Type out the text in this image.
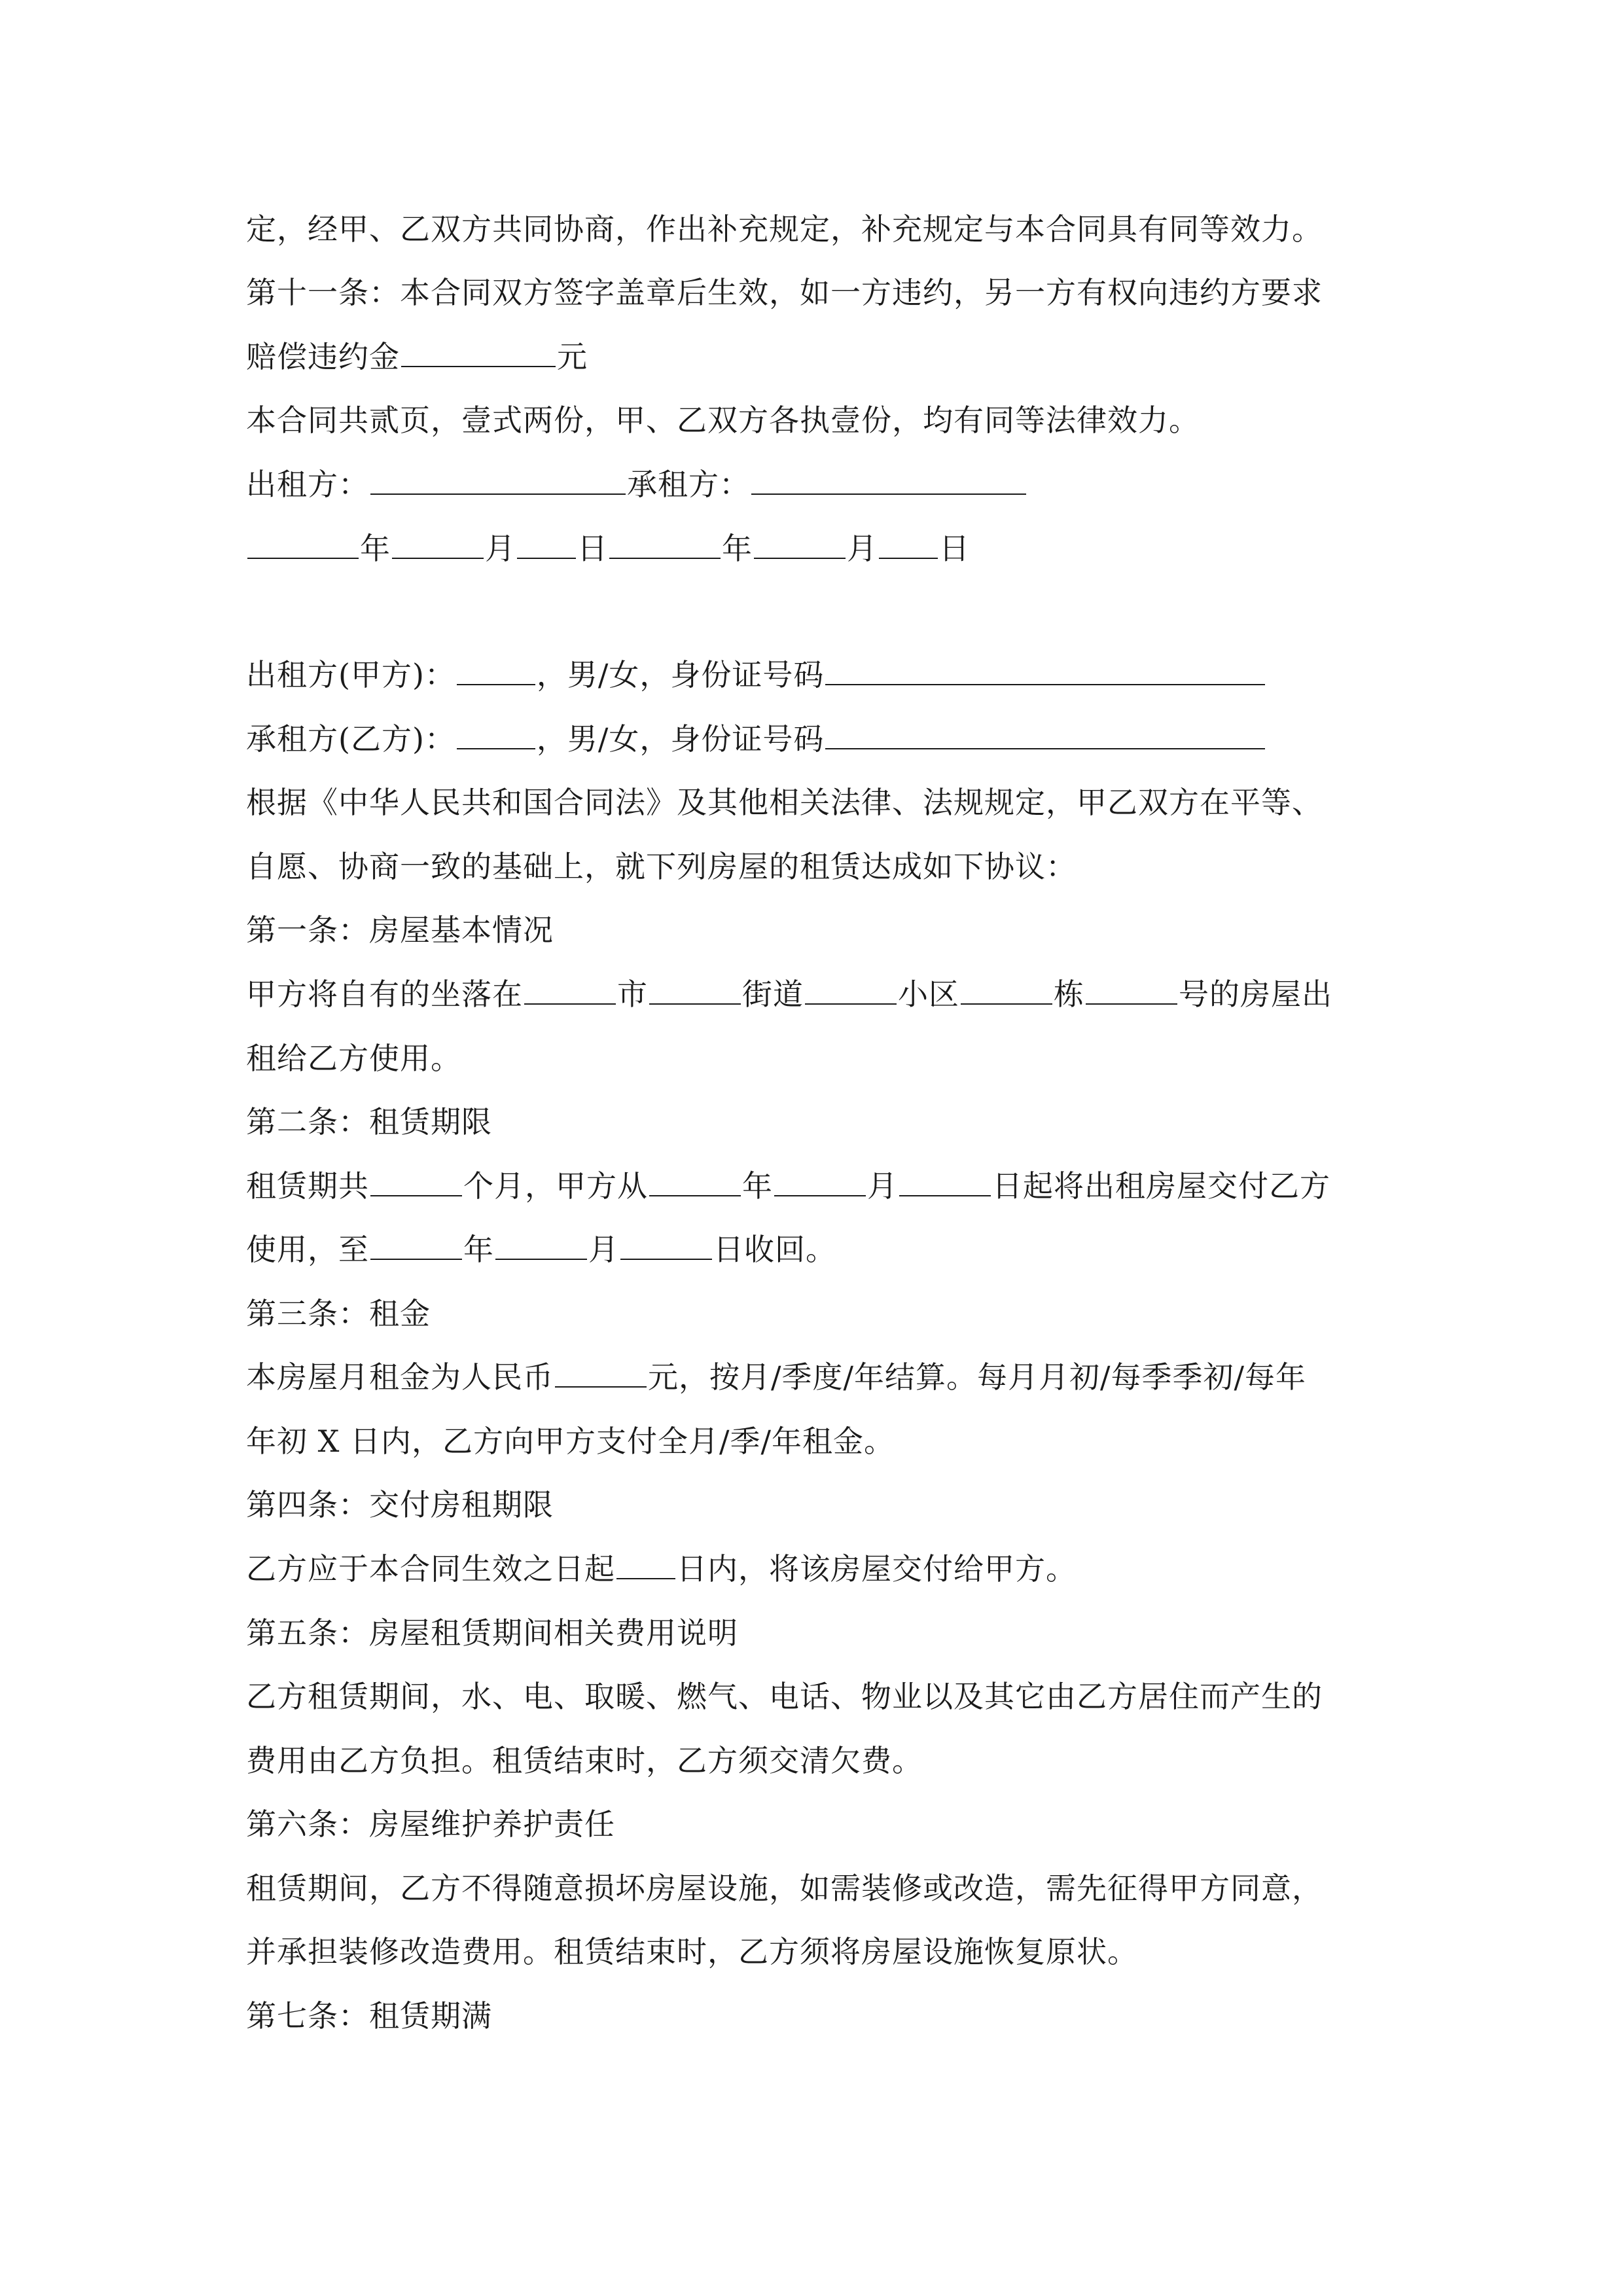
定，经甲、乙双方共同协商，作出补充规定，补充规定与本合同具有同等效力。
第十一条：本合同双方签字盖章后生效，如一方违约，另一方有权向违约方要求
赔偿违约金	元
本合同共贰页，壹式两份，甲、乙双方各执壹份，均有同等法律效力。
出租方：	承租方：
年	月 日	年	月 日
出租方(甲方)：	，男/女，身份证号码
承租方(乙方)：	，男/女，身份证号码
根据《中华人民共和国合同法》及其他相关法律、法规规定，甲乙双方在平等、
自愿、协商一致的基础上，就下列房屋的租赁达成如下协议：
第一条：房屋基本情况
甲方将自有的坐落在	市	街道	小区	栋	号的房屋出
租给乙方使用。
第二条：租赁期限
租赁期共	个月，甲方从	年	月	日起将出租房屋交付乙方
使用，至	年	月	日收回。
第三条：租金
本房屋月租金为人民币	元，按月/季度/年结算。每月月初/每季季初/每年
年初 X 日内，乙方向甲方支付全月/季/年租金。
第四条：交付房租期限
乙方应于本合同生效之日起 日内，将该房屋交付给甲方。
第五条：房屋租赁期间相关费用说明
乙方租赁期间，水、电、取暖、燃气、电话、物业以及其它由乙方居住而产生的
费用由乙方负担。租赁结束时，乙方须交清欠费。
第六条：房屋维护养护责任
租赁期间，乙方不得随意损坏房屋设施，如需装修或改造，需先征得甲方同意，
并承担装修改造费用。租赁结束时，乙方须将房屋设施恢复原状。
第七条：租赁期满
